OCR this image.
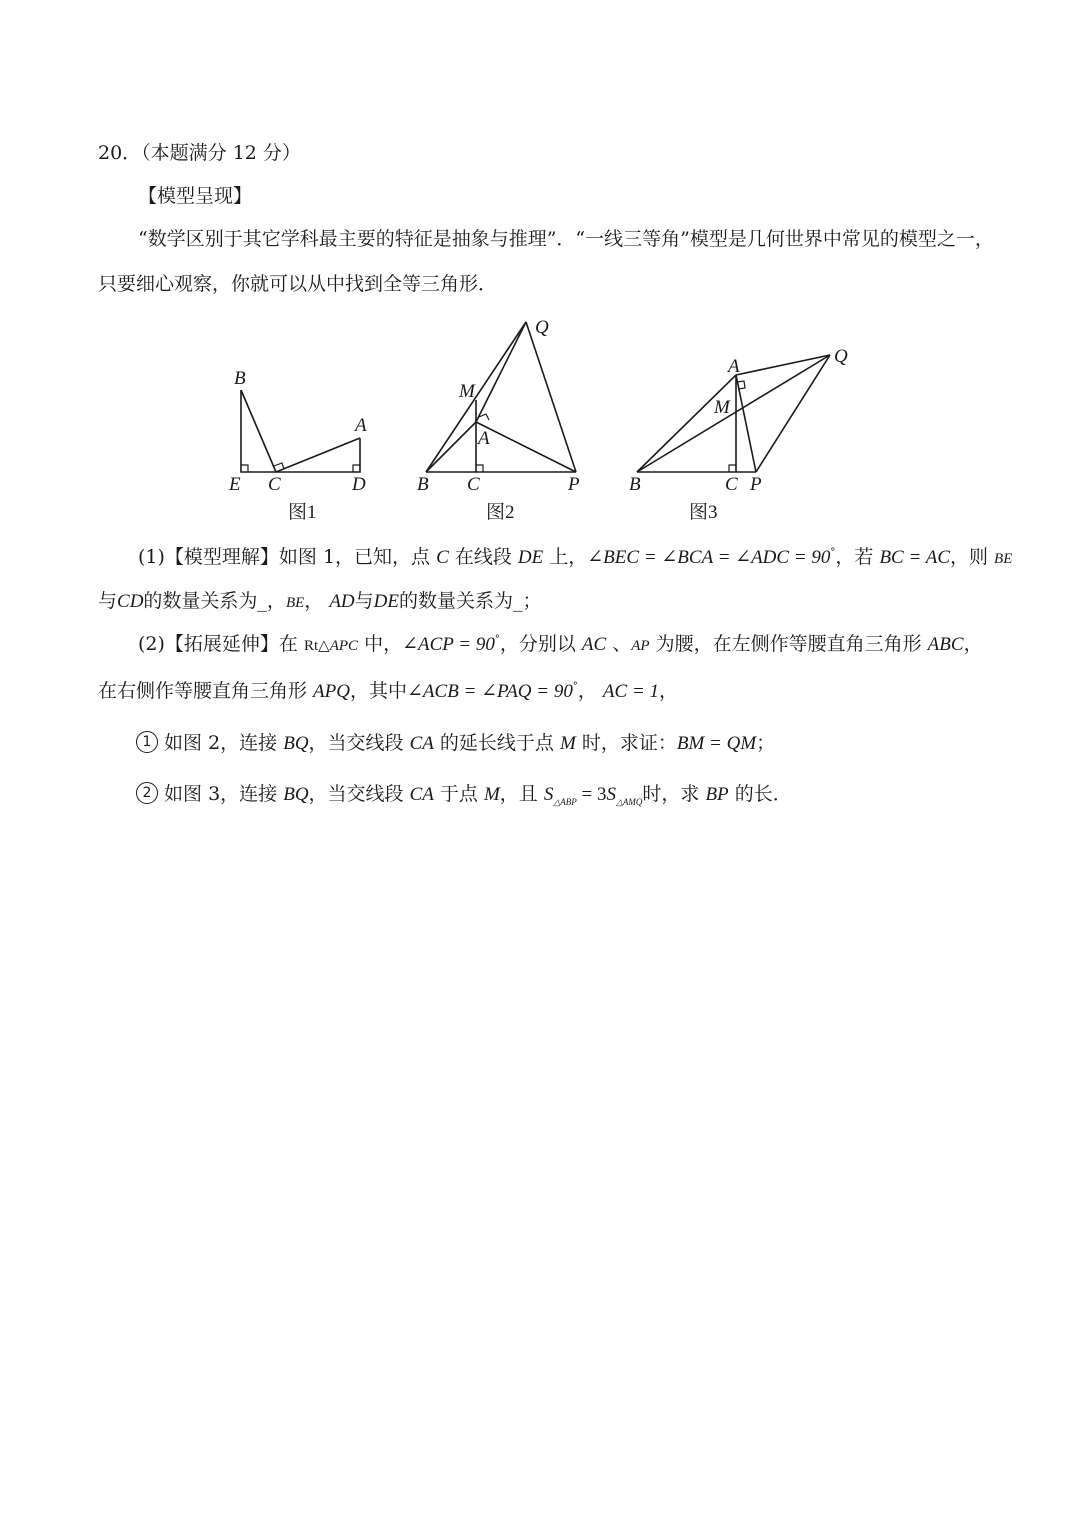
20．（本题满分 12 分）
【模型呈现】
“数学区别于其它学科最主要的特征是抽象与推理”．“一线三等角”模型是几何世界中常见的模型之一，
只要细心观察，你就可以从中找到全等三角形．
B
A
E C	D
图1
Q
M
A
B C	P
图2
A	Q
M
B	C P
图3
(1)【模型理解】如图 1，已知，点 C 在线段 DE 上，∠BEC = ∠BCA = ∠ADC = 90°，若 BC = AC，则 BE
与CD的数量关系为_，BE， AD与DE的数量关系为_；
(2)【拓展延伸】在 Rt△APC 中，∠ACP = 90°，分别以 AC 、AP 为腰，在左侧作等腰直角三角形 ABC，
在右侧作等腰直角三角形 APQ，其中∠ACB = ∠PAQ = 90°， AC = 1，
1 如图 2，连接 BQ，当交线段 CA 的延长线于点 M 时，求证：BM = QM；
2 如图 3，连接 BQ，当交线段 CA 于点 M，且 $S_{\triangle ABP} = 3S_{\triangle AMQ}$时，求 BP 的长．
